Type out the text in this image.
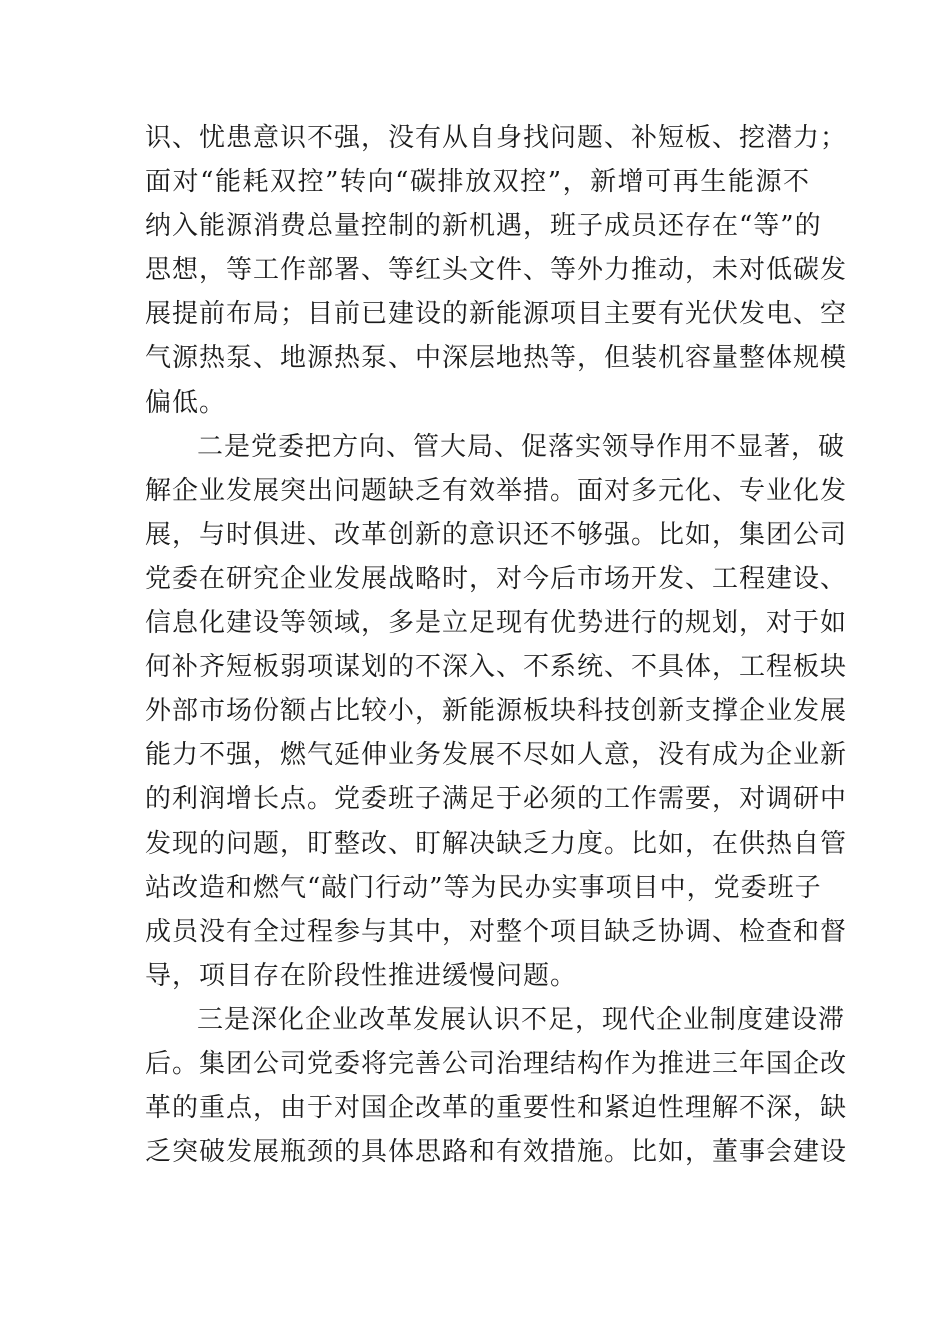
识、忧患意识不强，没有从自身找问题、补短板、挖潜力；
面对“能耗双控”转向“碳排放双控”，新增可再生能源不
纳入能源消费总量控制的新机遇，班子成员还存在“等”的
思想，等工作部署、等红头文件、等外力推动，未对低碳发
展提前布局；目前已建设的新能源项目主要有光伏发电、空
气源热泵、地源热泵、中深层地热等，但装机容量整体规模
偏低。
二是党委把方向、管大局、促落实领导作用不显著，破
解企业发展突出问题缺乏有效举措。面对多元化、专业化发
展，与时俱进、改革创新的意识还不够强。比如，集团公司
党委在研究企业发展战略时，对今后市场开发、工程建设、
信息化建设等领域，多是立足现有优势进行的规划，对于如
何补齐短板弱项谋划的不深入、不系统、不具体，工程板块
外部市场份额占比较小，新能源板块科技创新支撑企业发展
能力不强，燃气延伸业务发展不尽如人意，没有成为企业新
的利润增长点。党委班子满足于必须的工作需要，对调研中
发现的问题，盯整改、盯解决缺乏力度。比如，在供热自管
站改造和燃气“敲门行动”等为民办实事项目中，党委班子
成员没有全过程参与其中，对整个项目缺乏协调、检查和督
导，项目存在阶段性推进缓慢问题。
三是深化企业改革发展认识不足，现代企业制度建设滞
后。集团公司党委将完善公司治理结构作为推进三年国企改
革的重点，由于对国企改革的重要性和紧迫性理解不深，缺
乏突破发展瓶颈的具体思路和有效措施。比如，董事会建设
